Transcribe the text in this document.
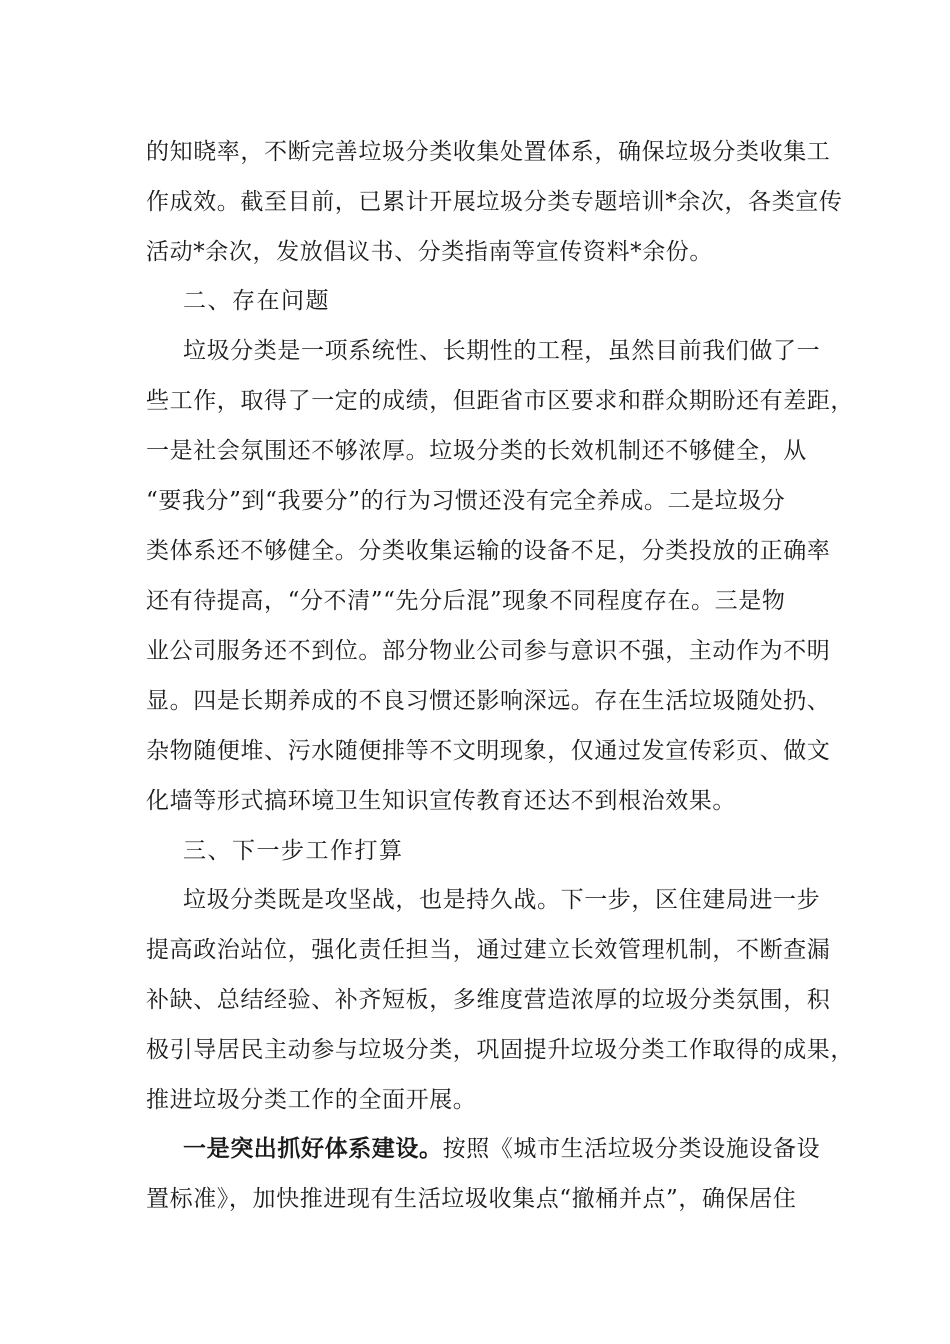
的知晓率，不断完善垃圾分类收集处置体系，确保垃圾分类收集工
作成效。截至目前，已累计开展垃圾分类专题培训*余次，各类宣传
活动*余次，发放倡议书、分类指南等宣传资料*余份。
二、存在问题
垃圾分类是一项系统性、长期性的工程，虽然目前我们做了一
些工作，取得了一定的成绩，但距省市区要求和群众期盼还有差距，
一是社会氛围还不够浓厚。垃圾分类的长效机制还不够健全，从
“要我分”到“我要分”的行为习惯还没有完全养成。二是垃圾分
类体系还不够健全。分类收集运输的设备不足，分类投放的正确率
还有待提高，“分不清”“先分后混”现象不同程度存在。三是物
业公司服务还不到位。部分物业公司参与意识不强，主动作为不明
显。四是长期养成的不良习惯还影响深远。存在生活垃圾随处扔、
杂物随便堆、污水随便排等不文明现象，仅通过发宣传彩页、做文
化墙等形式搞环境卫生知识宣传教育还达不到根治效果。
三、下一步工作打算
垃圾分类既是攻坚战，也是持久战。下一步，区住建局进一步
提高政治站位，强化责任担当，通过建立长效管理机制，不断查漏
补缺、总结经验、补齐短板，多维度营造浓厚的垃圾分类氛围，积
极引导居民主动参与垃圾分类，巩固提升垃圾分类工作取得的成果，
推进垃圾分类工作的全面开展。
一是突出抓好体系建设。按照《城市生活垃圾分类设施设备设
置标准》，加快推进现有生活垃圾收集点“撤桶并点”，确保居住
